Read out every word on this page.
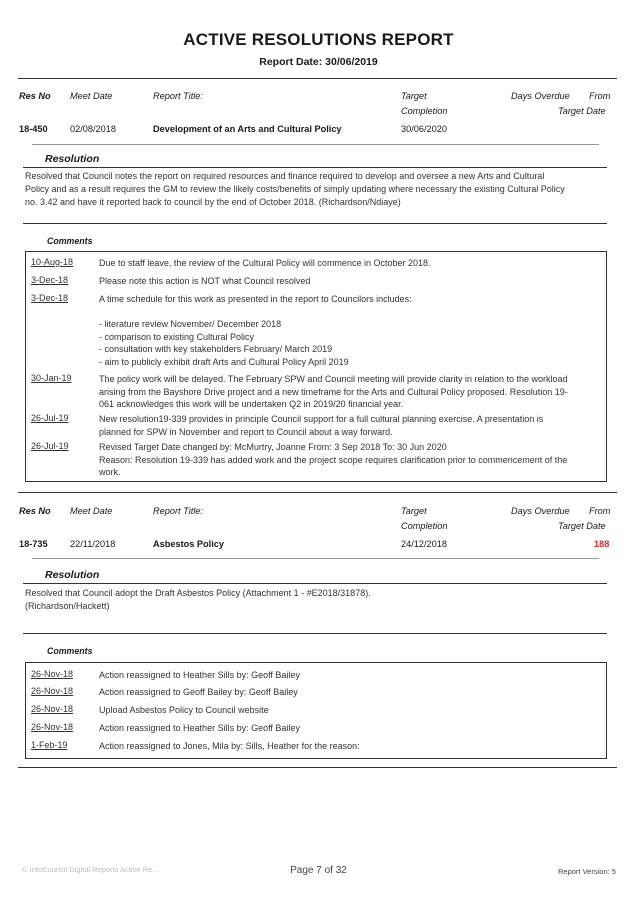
ACTIVE RESOLUTIONS REPORT
Report Date: 30/06/2019
Res No Meet Date	Report Title:	Target
Completion
Days Overdue From
Target Date
18-450 02/08/2018	Development of an Arts and Cultural Policy	30/06/2020
Resolution
Resolved that Council notes the report on required resources and finance required to develop and oversee a new Arts and Cultural Policy and as a result requires the GM to review the likely costs/benefits of simply updating where necessary the existing Cultural Policy no. 3.42 and have it reported back to council by the end of October 2018. (Richardson/Ndiaye)
Comments
10-Aug-18	Due to staff leave, the review of the Cultural Policy will commence in October 2018.
3-Dec-18	Please note this action is NOT what Council resolved
3-Dec-18	A time schedule for this work as presented in the report to Councilors includes:

- literature review November/ December 2018
- comparison to existing Cultural Policy
- consultation with key stakeholders February/ March 2019
- aim to publicly exhibit draft Arts and Cultural Policy April 2019
30-Jan-19	The policy work will be delayed. The February SPW and Council meeting will provide clarity in relation to the workload arising from the Bayshore Drive project and a new timeframe for the Arts and Cultural Policy proposed. Resolution 19-061 acknowledges this work will be undertaken Q2 in 2019/20 financial year.
26-Jul-19	New resolution19-339 provides in principle Council support for a full cultural planning exercise. A presentation is planned for SPW in November and report to Council about a way forward.
26-Jul-19	Revised Target Date changed by: McMurtry, Joanne From: 3 Sep 2018 To: 30 Jun 2020
Reason: Resolution 19-339 has added work and the project scope requires clarification prior to commencement of the work.
Res No Meet Date	Report Title:	Target
Completion
Days Overdue From
Target Date
18-735 22/11/2018	Asbestos Policy	24/12/2018	188
Resolution
Resolved that Council adopt the Draft Asbestos Policy (Attachment 1 - #E2018/31878). (Richardson/Hackett)
Comments
26-Nov-18	Action reassigned to Heather Sills by: Geoff Bailey
26-Nov-18	Action reassigned to Geoff Bailey by: Geoff Bailey
26-Nov-18	Upload Asbestos Policy to Council website
26-Nov-18	Action reassigned to Heather Sills by: Geoff Bailey
1-Feb-19	Action reassigned to Jones, Mila by: Sills, Heather for the reason:
© InfoCouncil Digital Reports Active Re...	Page 7 of 32	Report Version: 5
